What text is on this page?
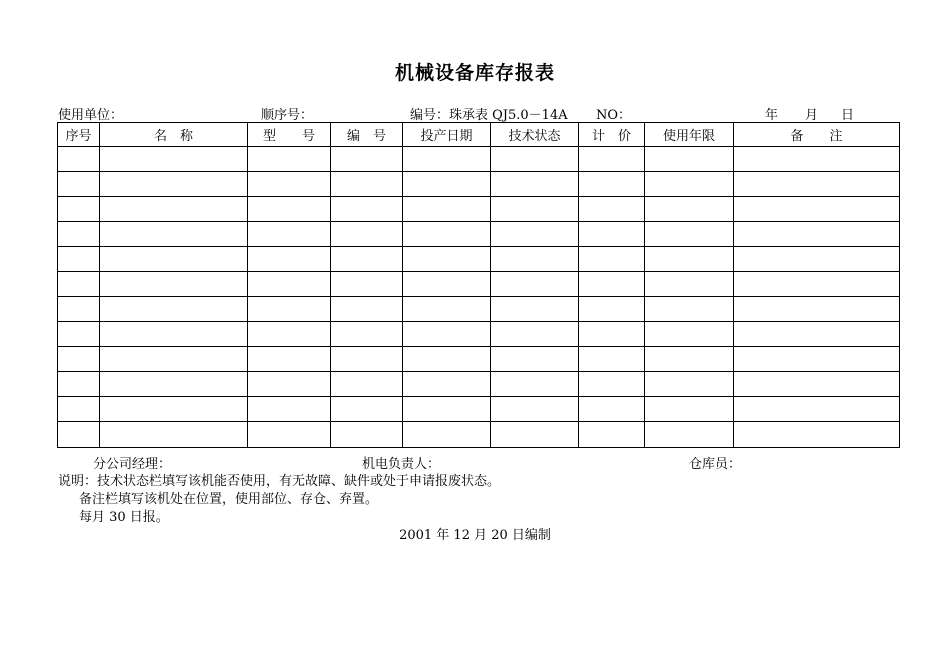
机械设备库存报表
使用单位：	顺序号：	编号：珠承表 QJ5.0－14A NO：	年 月 日
序号	名　称	型　　号	编　号	投产日期	技术状态	计　价	使用年限	备　　注

分公司经理：	机电负责人：	仓库员：
说明：技术状态栏填写该机能否使用，有无故障、缺件或处于申请报废状态。
备注栏填写该机处在位置，使用部位、存仓、弃置。
每月 30 日报。
2001 年 12 月 20 日编制
